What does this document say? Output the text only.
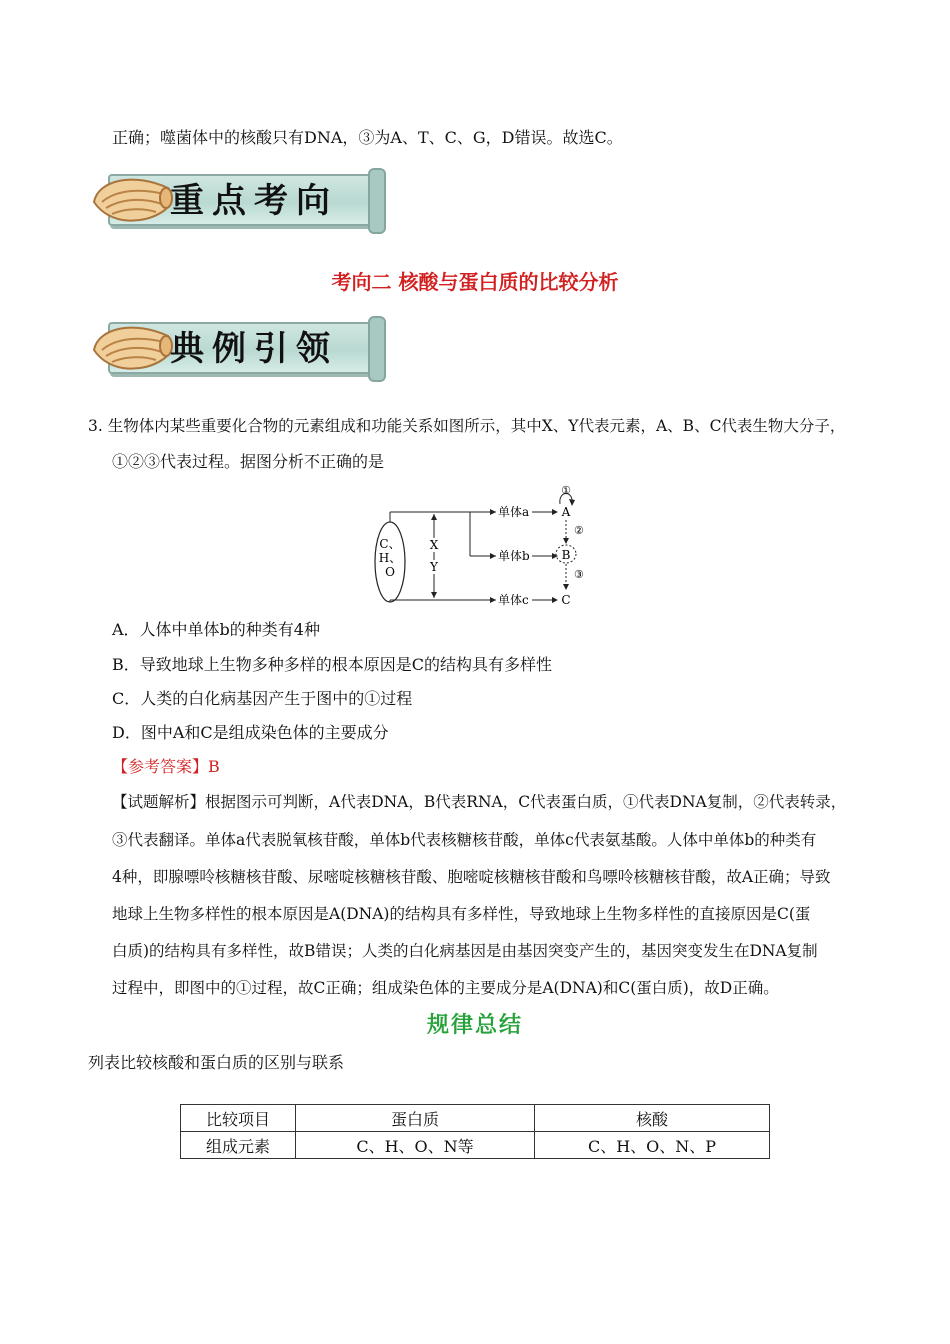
正确；噬菌体中的核酸只有DNA，③为A、T、C、G，D错误。故选C。
重点考向
考向二 核酸与蛋白质的比较分析
典例引领
3. 生物体内某些重要化合物的元素组成和功能关系如图所示，其中X、Y代表元素，A、B、C代表生物大分子，
①②③代表过程。据图分析不正确的是
C、
H、
O
X
Y
单体a
单体b
单体c
A
B
C
①
②
③
A．人体中单体b的种类有4种
B．导致地球上生物多种多样的根本原因是C的结构具有多样性
C．人类的白化病基因产生于图中的①过程
D．图中A和C是组成染色体的主要成分
【参考答案】B
【试题解析】根据图示可判断，A代表DNA，B代表RNA，C代表蛋白质，①代表DNA复制，②代表转录，
③代表翻译。单体a代表脱氧核苷酸，单体b代表核糖核苷酸，单体c代表氨基酸。人体中单体b的种类有
4种，即腺嘌呤核糖核苷酸、尿嘧啶核糖核苷酸、胞嘧啶核糖核苷酸和鸟嘌呤核糖核苷酸，故A正确；导致
地球上生物多样性的根本原因是A(DNA)的结构具有多样性，导致地球上生物多样性的直接原因是C(蛋
白质)的结构具有多样性，故B错误；人类的白化病基因是由基因突变产生的，基因突变发生在DNA复制
过程中，即图中的①过程，故C正确；组成染色体的主要成分是A(DNA)和C(蛋白质)，故D正确。
规律总结
列表比较核酸和蛋白质的区别与联系
比较项目	蛋白质	核酸
组成元素	C、H、O、N等	C、H、O、N、P
